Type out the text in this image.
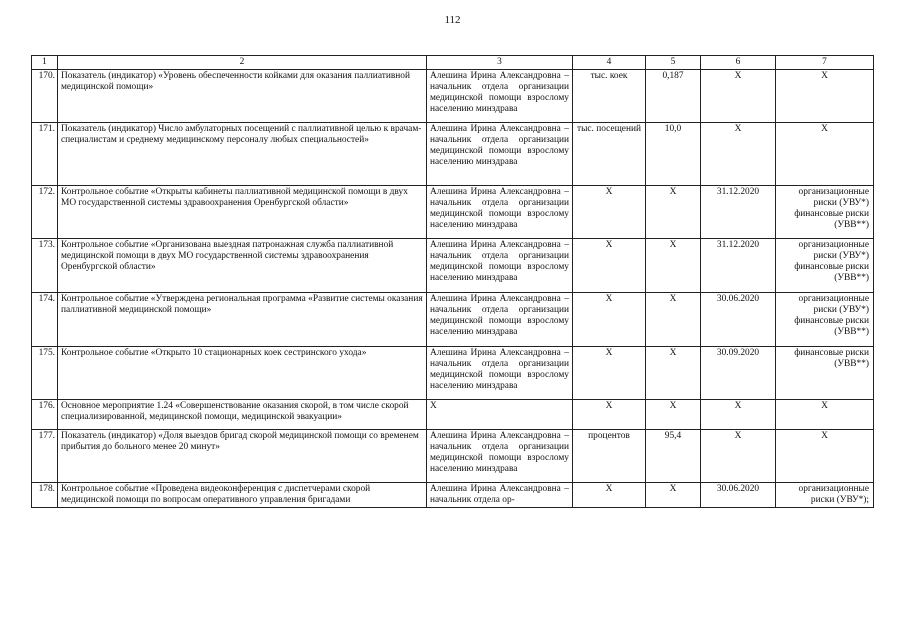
112
1	2	3	4	5	6	7
170.	Показатель (индикатор) «Уровень обеспеченности койками для оказания паллиативной медицинской помощи»	Алешина Ирина Александровна – начальник отдела организации медицинской помощи взрослому населению минздрава	тыс. коек	0,187	Х	Х

171.	Показатель (индикатор) Число амбулаторных посещений с паллиативной целью к врачам-специалистам и среднему медицинскому персоналу любых специальностей»	Алешина Ирина Александровна – начальник отдела организации медицинской помощи взрослому населению минздрава	тыс. посещений	10,0	Х	Х

172.	Контрольное событие «Открыты кабинеты паллиативной медицинской помощи в двух МО государственной системы здравоохранения Оренбургской области»	Алешина Ирина Александровна – начальник отдела организации медицинской помощи взрослому населению минздрава	Х	Х	31.12.2020	организационные
риски (УВУ*)
финансовые риски
(УВВ**)

173.	Контрольное событие «Организована выездная патронажная служба паллиативной медицинской помощи в двух МО государственной системы здравоохранения Оренбургской области»	Алешина Ирина Александровна – начальник отдела организации медицинской помощи взрослому населению минздрава	Х	Х	31.12.2020	организационные
риски (УВУ*)
финансовые риски
(УВВ**)

174.	Контрольное событие «Утверждена региональная программа «Развитие системы оказания паллиативной медицинской помощи»	Алешина Ирина Александровна – начальник отдела организации медицинской помощи взрослому населению минздрава	Х	Х	30.06.2020	организационные
риски (УВУ*)
финансовые риски
(УВВ**)

175.	Контрольное событие «Открыто 10 стационарных коек сестринского ухода»	Алешина Ирина Александровна – начальник отдела организации медицинской помощи взрослому населению минздрава	Х	Х	30.09.2020	финансовые риски
(УВВ**)

176.	Основное мероприятие 1.24 «Совершенствование оказания скорой, в том числе скорой специализированной, медицинской помощи, медицинской эвакуации»	Х	Х	Х	Х	Х

177.	Показатель (индикатор) «Доля выездов бригад скорой медицинской помощи со временем прибытия до больного менее 20 минут»	Алешина Ирина Александровна – начальник отдела организации медицинской помощи взрослому населению минздрава	процентов	95,4	Х	Х

178.	Контрольное событие «Проведена видеоконференция с диспетчерами скорой медицинской помощи по вопросам оперативного управления бригадами	Алешина Ирина Александровна – начальник отдела ор-	Х	Х	30.06.2020	организационные
риски (УВУ*);
